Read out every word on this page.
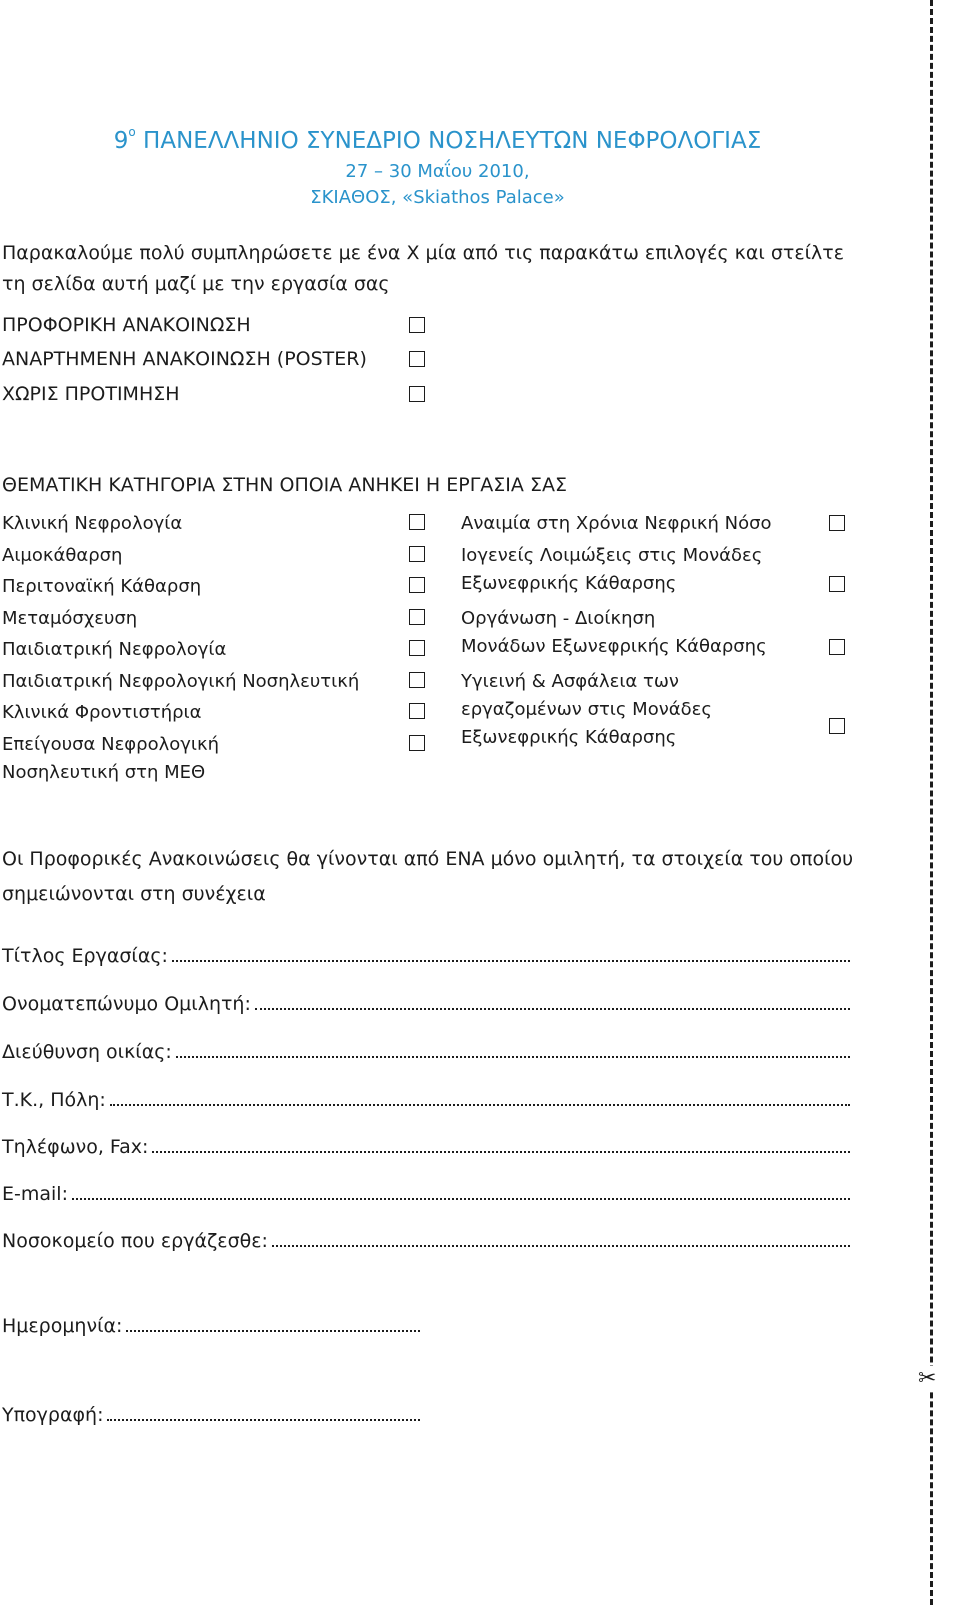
$9^o$ ΠΑΝΕΛΛΗΝΙΟ ΣΥΝΕΔΡΙΟ ΝΟΣΗΛΕΥΤΩΝ ΝΕΦΡΟΛΟΓΙΑΣ
27 – 30 Μαΐου 2010,
ΣΚΙΑΘΟΣ, «Skiathos Palace»
Παρακαλούμε πολύ συμπληρώσετε με ένα Χ μία από τις παρακάτω επιλογές και στείλτε
τη σελίδα αυτή μαζί με την εργασία σας
ΠΡΟΦΟΡΙΚΗ ΑΝΑΚΟΙΝΩΣΗ
ΑΝΑΡΤΗΜΕΝΗ ΑΝΑΚΟΙΝΩΣΗ (POSTER)
ΧΩΡΙΣ ΠΡΟΤΙΜΗΣΗ
ΘΕΜΑΤΙΚΗ ΚΑΤΗΓΟΡΙΑ ΣΤΗΝ ΟΠΟΙΑ ΑΝΗΚΕΙ Η ΕΡΓΑΣΙΑ ΣΑΣ
Κλινική Νεφρολογία
Αιμοκάθαρση
Περιτοναϊκή Κάθαρση
Μεταμόσχευση
Παιδιατρική Νεφρολογία
Παιδιατρική Νεφρολογική Νοσηλευτική
Κλινικά Φροντιστήρια
Επείγουσα Νεφρολογική
Νοσηλευτική στη ΜΕΘ
Αναιμία στη Χρόνια Νεφρική Νόσο
Ιογενείς Λοιμώξεις στις Μονάδες
Εξωνεφρικής Κάθαρσης
Οργάνωση - Διοίκηση
Μονάδων Εξωνεφρικής Κάθαρσης
Υγιεινή & Ασφάλεια των
εργαζομένων στις Μονάδες
Εξωνεφρικής Κάθαρσης
Οι Προφορικές Ανακοινώσεις θα γίνονται από ΕΝΑ μόνο ομιλητή, τα στοιχεία του οποίου
σημειώνονται στη συνέχεια
Τίτλος Εργασίας:
Ονοματεπώνυμο Ομιλητή:
Διεύθυνση οικίας:
Τ.Κ., Πόλη:
Τηλέφωνο, Fax:
E-mail:
Νοσοκομείο που εργάζεσθε:
Ημερομηνία:
Υπογραφή:
✂
